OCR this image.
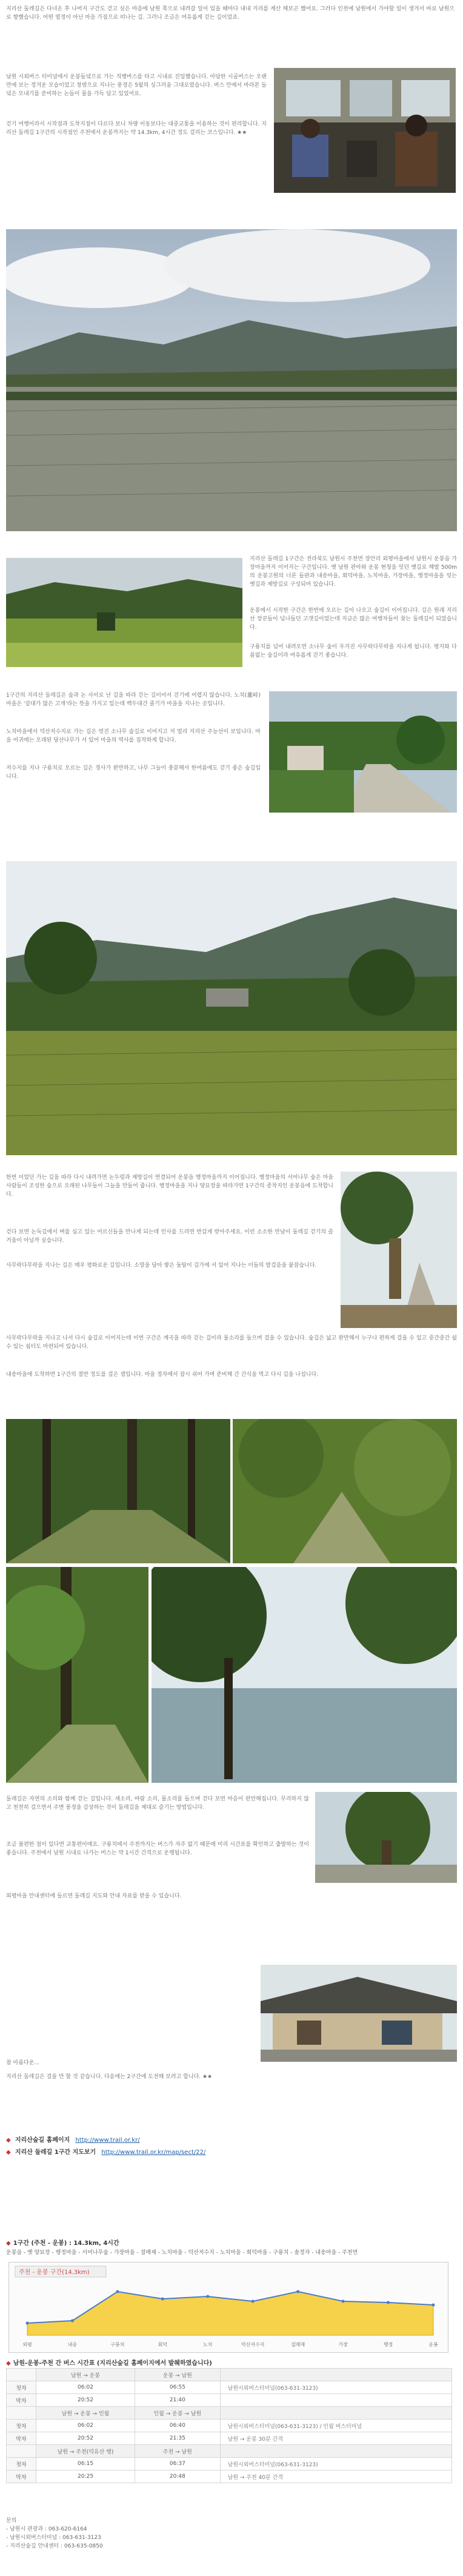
지리산 둘레길은 다녀온 후 나머지 구간도 걷고 싶은 마음에 남원 쪽으로 내려갈 일이 있을 때마다 내내 거리를 계산 해보곤 했어요. 그러다 인천에 남원에서 가야할 일이 생겨서 바로 남원으로 향했습니다. 어떤 열정이 아닌 마음 가짐으로 떠나는 길. 그러니 조금은 여유롭게 걷는 길이었죠.

남원 시외버스 터미널에서 운봉들녘으로 가는 직행버스를 타고 시내로 진입했습니다. 아담한 시골버스는 오랜만에 보는 정겨운 모습이었고 창밖으로 지나는 풍경은 5월의 싱그러움 그대로였습니다. 버스 안에서 바라본 들녘은 모내기를 준비하는 논들이 물을 가득 담고 있었어요.

걷기 여행이라서 시작점과 도착지점이 다르다 보니 차량 이동보다는 대중교통을 이용하는 것이 편리합니다. 지리산 둘레길 1구간의 시작점인 주천에서 운봉까지는 약 14.3km, 4시간 정도 걸리는 코스입니다. ★★

지리산 둘레길 1구간은 전라북도 남원시 주천면 장안리 외평마을에서 남원시 운봉읍 가장마을까지 이어지는 구간입니다. 옛 남원 관아와 운봉 현청을 잇던 옛길로 해발 500m의 운봉고원의 너른 들판과 내송마을, 회덕마을, 노치마을, 가장마을, 행정마을을 잇는 옛길과 제방길로 구성되어 있습니다.

운봉에서 시작한 구간은 한번에 오르는 길이 나오고 숲길이 이어집니다. 길은 원래 지리산 장꾼들이 넘나들던 고갯길이었는데 지금은 많은 여행자들이 찾는 둘레길이 되었습니다.

구룡치를 넘어 내려오면 소나무 숲이 우거진 사무락다무락을 지나게 됩니다. 평지와 다름없는 숲길이라 여유롭게 걷기 좋습니다.

1구간의 지리산 둘레길은 숲과 논 사이로 난 길을 따라 걷는 길이어서 걷기에 어렵지 않습니다. 노치(蘆峙)마을은 '갈대가 많은 고개'라는 뜻을 가지고 있는데 백두대간 줄기가 마을을 지나는 곳입니다.

노치마을에서 덕산저수지로 가는 길은 멋진 소나무 숲길로 이어지고 저 멀리 지리산 주능선이 보입니다. 마을 어귀에는 오래된 당산나무가 서 있어 마을의 역사를 짐작하게 합니다.

저수지를 지나 구룡치로 오르는 길은 경사가 완만하고, 나무 그늘이 충분해서 한여름에도 걷기 좋은 숲길입니다.

한번 이었던 가는 길을 따라 다시 내려가면 논두렁과 제방길이 연결되어 운봉읍 행정마을까지 이어집니다. 행정마을의 서어나무 숲은 마을 사람들이 조성한 숲으로 오래된 나무들이 그늘을 만들어 줍니다. 행정마을을 지나 양묘장을 따라가면 1구간의 종착지인 운봉읍에 도착합니다.

걷다 보면 논둑길에서 벼를 심고 있는 어르신들을 만나게 되는데 인사를 드리면 반갑게 받아주세요. 이런 소소한 만남이 둘레길 걷기의 즐거움이 아닐까 싶습니다.

사무락다무락을 지나는 길은 매우 평화로운 길입니다. 소망을 담아 쌓은 돌탑이 길가에 서 있어 지나는 이들의 발걸음을 붙잡습니다.

사무락다무락을 지나고 나서 다시 숲길로 이어지는데 이번 구간은 계곡을 따라 걷는 길이라 물소리를 들으며 걸을 수 있습니다. 숲길은 넓고 완만해서 누구나 편하게 걸을 수 있고 중간중간 쉴 수 있는 쉼터도 마련되어 있습니다.

내송마을에 도착하면 1구간의 절반 정도를 걸은 셈입니다. 마을 정자에서 잠시 쉬어 가며 준비해 간 간식을 먹고 다시 길을 나섭니다.

둘레길은 자연의 소리와 함께 걷는 길입니다. 새소리, 바람 소리, 물소리를 들으며 걷다 보면 마음이 편안해집니다. 무리하지 않고 천천히 걸으면서 주변 풍경을 감상하는 것이 둘레길을 제대로 즐기는 방법입니다.

조금 불편한 점이 있다면 교통편이에요. 구룡치에서 주천까지는 버스가 자주 없기 때문에 미리 시간표를 확인하고 출발하는 것이 좋습니다. 주천에서 남원 시내로 나가는 버스는 약 1시간 간격으로 운행됩니다.

외평마을 안내센터에 들르면 둘레길 지도와 안내 자료를 받을 수 있습니다.

참 아름다운...

지리산 둘레길은 걸을 만 할 것 같습니다. 다음에는 2구간에 도전해 보려고 합니다. ★★

◆ 지리산숲길 홈페이지 http://www.trail.or.kr/
◆ 지리산 둘레길 1구간 지도보기 http://www.trail.or.kr/map/sect/22/
◆ 1구간 (주천 - 운봉) : 14.3km, 4시간
운봉읍 - 옛 양묘장 - 행정마을 - 서어나무숲 - 가장마을 - 질매재 - 노치마을 - 덕산저수지 - 노치마을 - 회덕마을 - 구룡치 - 솔정자 - 내송마을 - 주천면
주천 - 운봉 구간(14.3km)
외평	내송	구룡치	회덕	노치	덕산저수지	질매재	가장	행정	운봉
◆ 남원-운봉-주천 간 버스 시간표 (지리산숲길 홈페이지에서 발췌하였습니다)
	남원 → 운봉	운봉 → 남원	
첫차	06:02	06:55	남원시외버스터미널(063-631-3123)
막차	20:52	21:40	
	남원 → 운봉 → 인월	인월 → 운봉 → 남원	
첫차	06:02	06:40	남원시외버스터미널(063-631-3123) / 인월 버스터미널
막차	20:52	21:35	남원 → 운봉 30분 간격
	남원 → 주천(덕유산 행)	주천 → 남원	
첫차	06:15	06:37	남원시외버스터미널(063-631-3123)
막차	20:25	20:48	남원 → 주천 40분 간격
문의
- 남원시 관광과 : 063-620-6164
- 남원시외버스터미널 : 063-631-3123
- 지리산숲길 안내센터 : 063-635-0850
